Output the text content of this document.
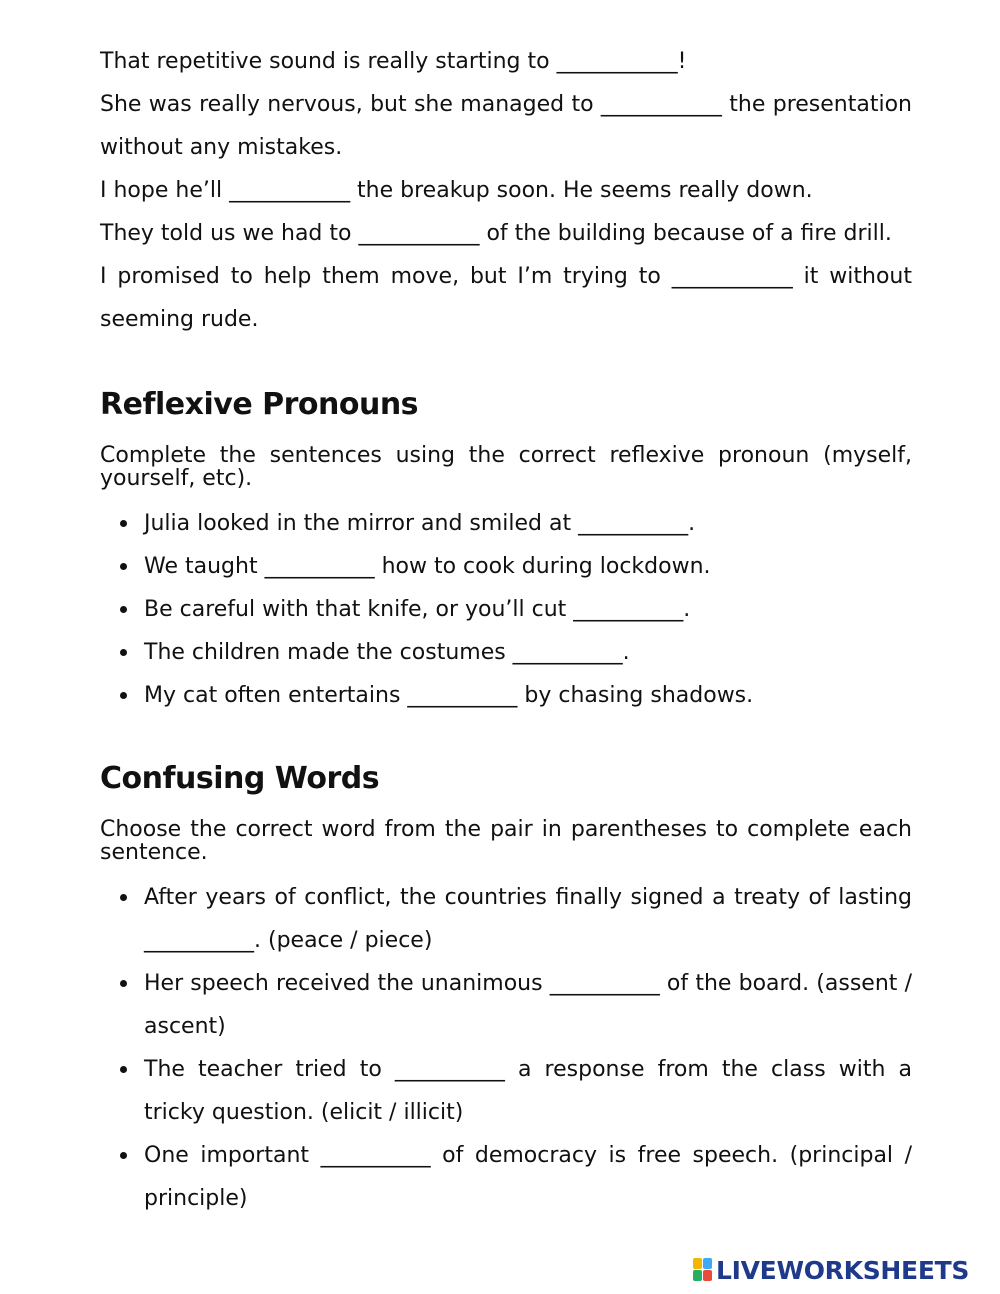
That repetitive sound is really starting to ___________!

She was really nervous, but she managed to ___________ the presentation without any mistakes.

I hope he’ll ___________ the breakup soon. He seems really down.

They told us we had to ___________ of the building because of a fire drill.

I promised to help them move, but I’m trying to ___________ it without seeming rude.

Reflexive Pronouns

Complete the sentences using the correct reflexive pronoun (myself, yourself, etc).

Julia looked in the mirror and smiled at __________.
We taught __________ how to cook during lockdown.
Be careful with that knife, or you’ll cut __________.
The children made the costumes __________.
My cat often entertains __________ by chasing shadows.
Confusing Words

Choose the correct word from the pair in parentheses to complete each sentence.

After years of conflict, the countries finally signed a treaty of lasting __________. (peace / piece)
Her speech received the unanimous __________ of the board. (assent / ascent)
The teacher tried to __________ a response from the class with a tricky question. (elicit / illicit)
One important __________ of democracy is free speech. (principal / principle)
LIVEWORKSHEETS
